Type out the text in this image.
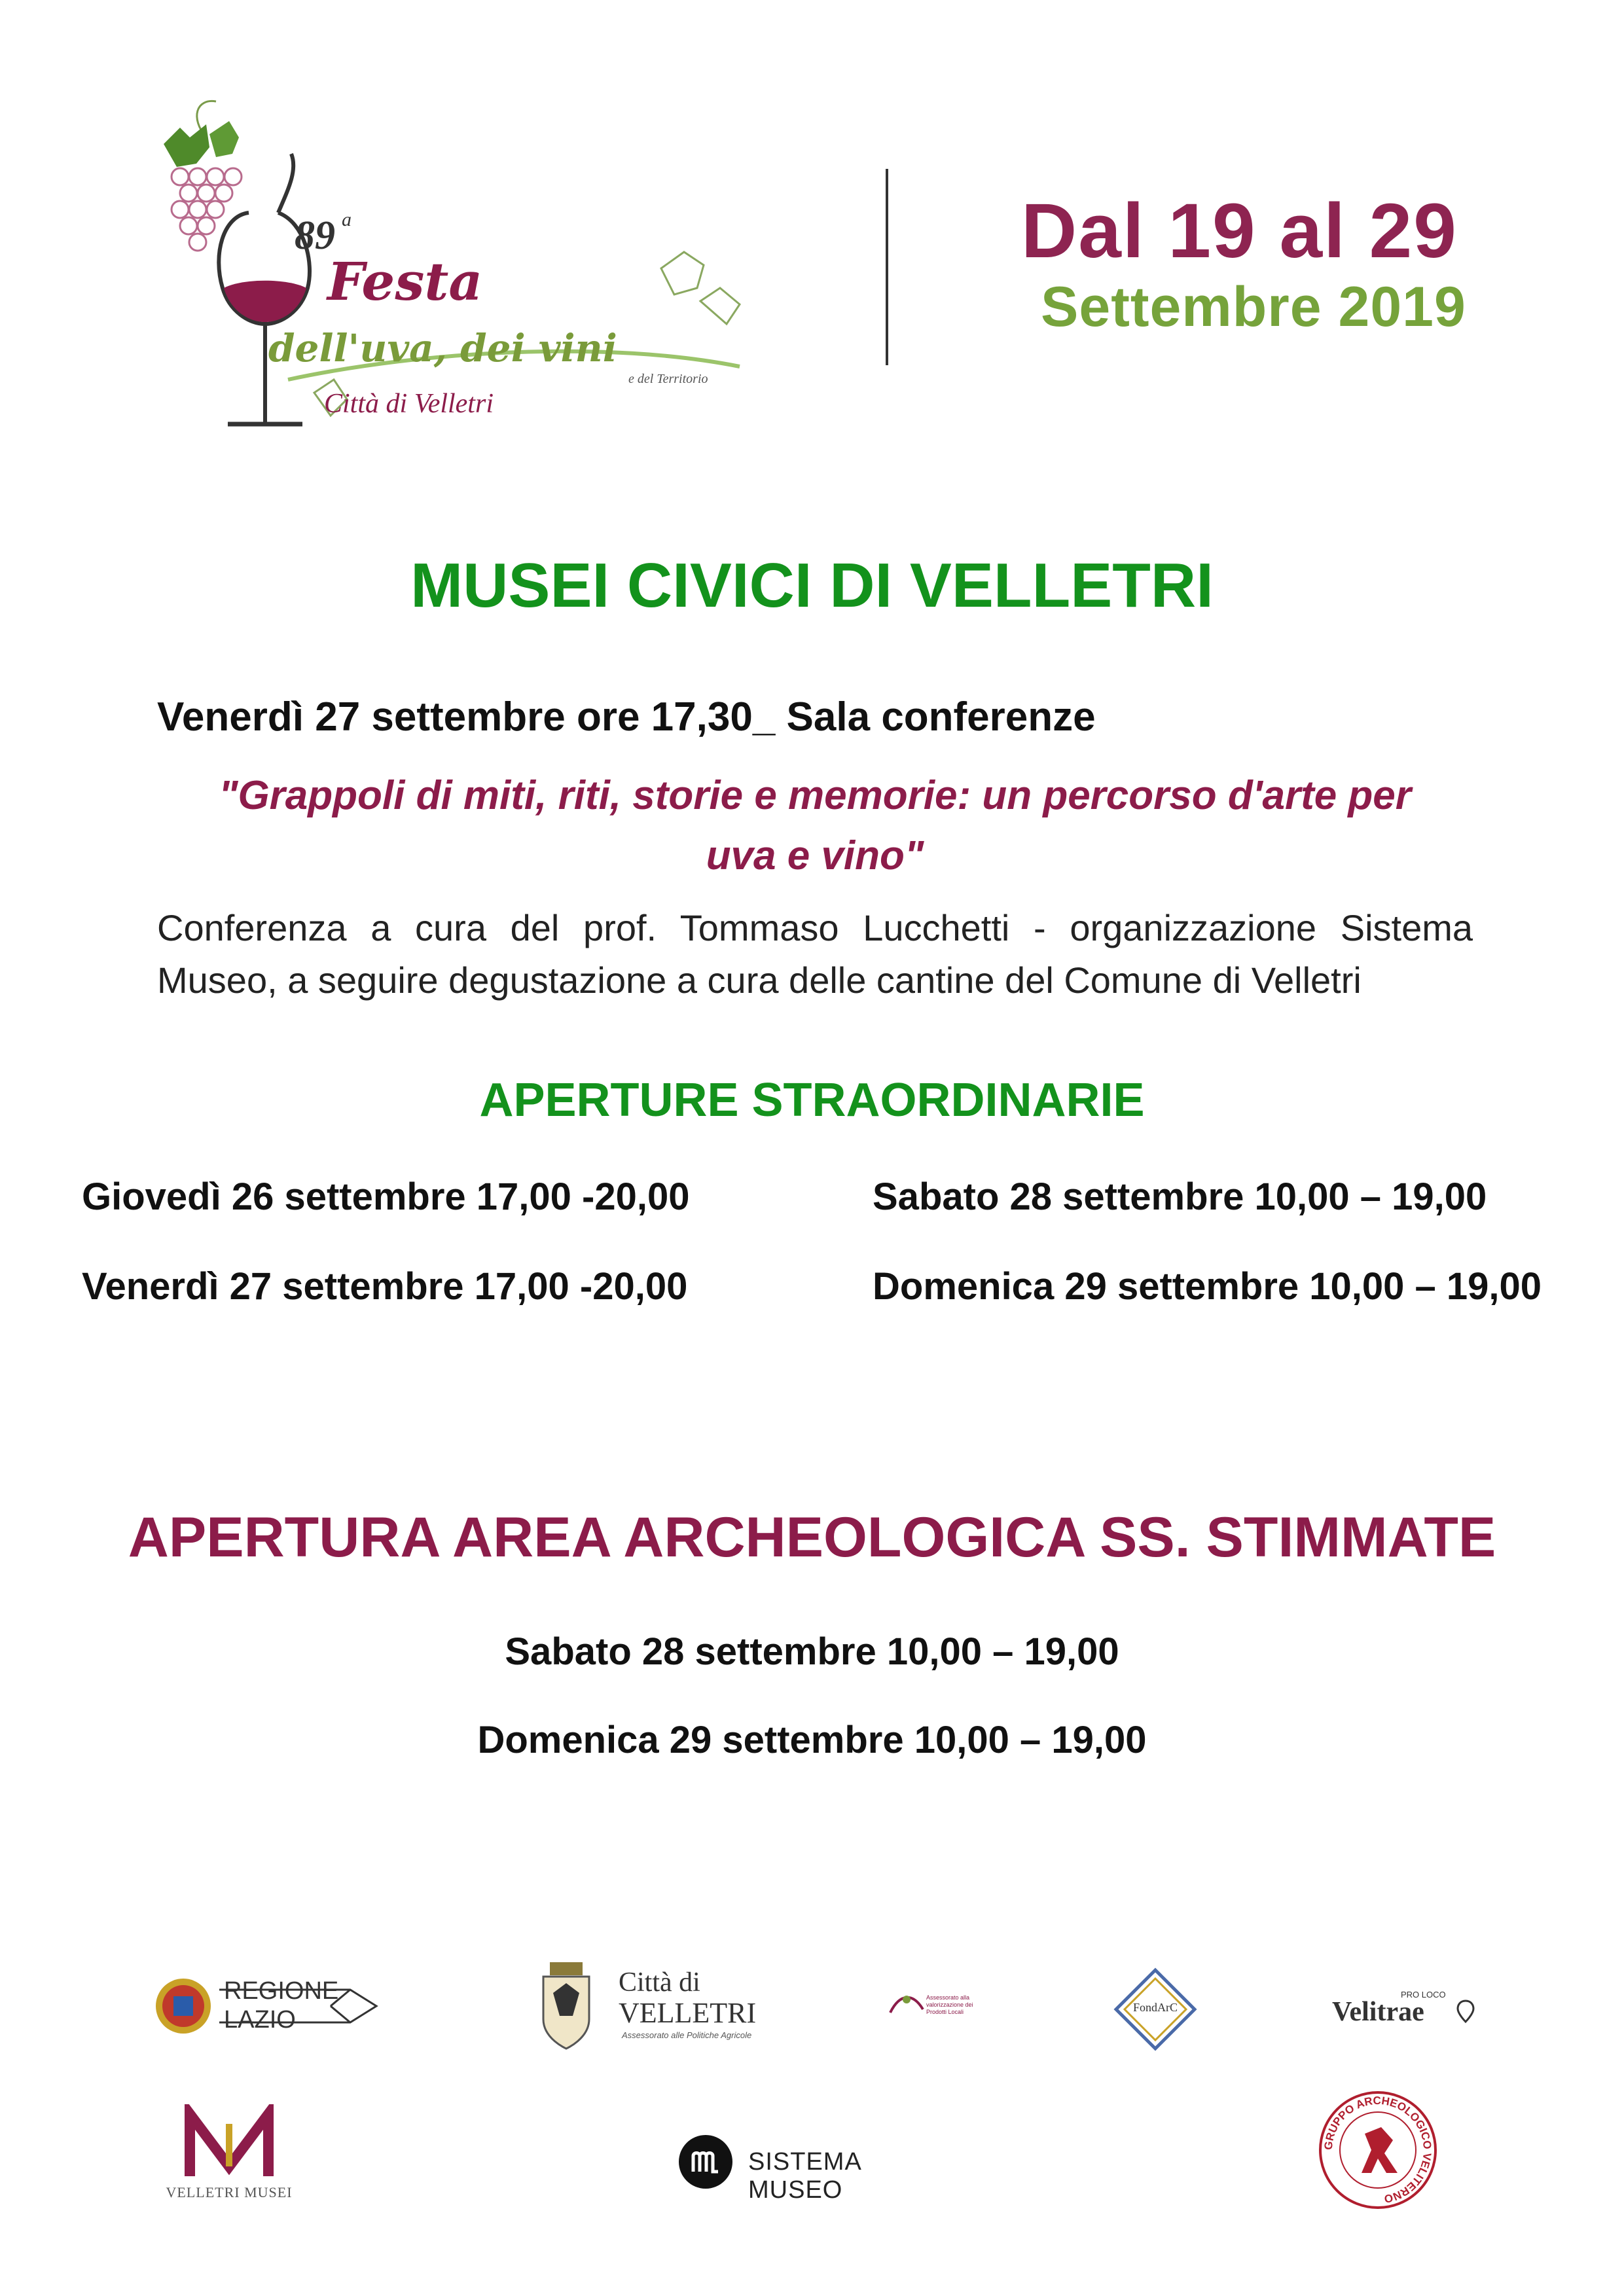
89 a
Festa
dell'uva, dei vini
e del Territorio
Città di Velletri
Dal 19 al 29
Settembre 2019
MUSEI CIVICI DI VELLETRI
Venerdì 27 settembre ore 17,30_ Sala conferenze
"Grappoli di miti, riti, storie e memorie: un percorso d'arte per
uva e vino"
Conferenza a cura del prof. Tommaso Lucchetti - organizzazione Sistema
Museo, a seguire degustazione a cura delle cantine del Comune di Velletri
APERTURE STRAORDINARIE
Giovedì 26 settembre 17,00 -20,00
Venerdì 27 settembre 17,00 -20,00
Sabato 28 settembre 10,00 – 19,00
Domenica 29 settembre 10,00 – 19,00
APERTURA AREA ARCHEOLOGICA SS. STIMMATE
Sabato 28 settembre 10,00 – 19,00
Domenica 29 settembre 10,00 – 19,00
REGIONE
LAZIO
Città di
VELLETRI
Assessorato alle Politiche Agricole
Assessorato alla valorizzazione dei Prodotti Locali	FondArC	Velitrae
PRO LOCO
VELLETRI MUSEI
SISTEMA MUSEO
GRUPPO ARCHEOLOGICO VELITERNO
